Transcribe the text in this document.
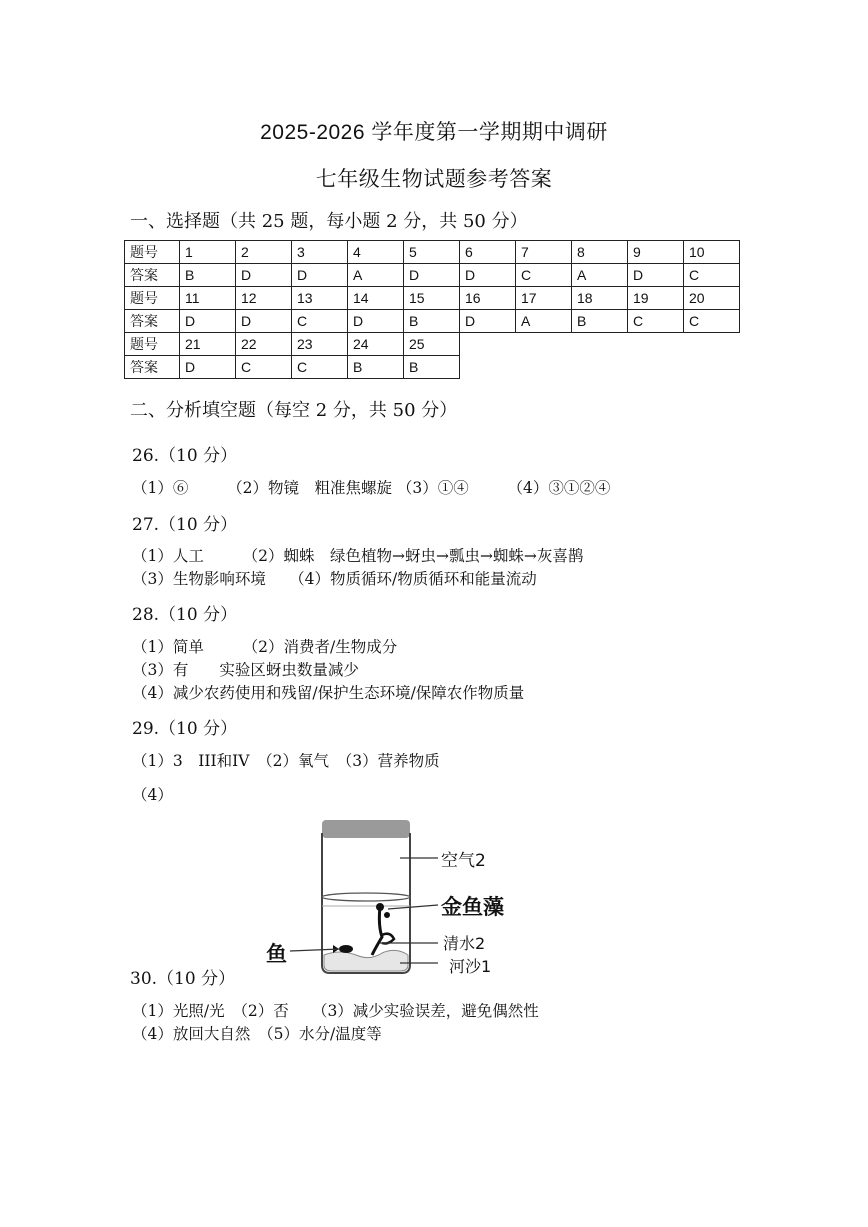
2025-2026 学年度第一学期期中调研
七年级生物试题参考答案
一、选择题（共 25 题，每小题 2 分，共 50 分）
题号	1	2	3	4	5	6	7	8	9	10
答案	B	D	D	A	D	D	C	A	D	C
题号	11	12	13	14	15	16	17	18	19	20
答案	D	D	C	D	B	D	A	B	C	C
题号	21	22	23	24	25					
答案	D	C	C	B	B					
二、分析填空题（每空 2 分，共 50 分）
26.（10 分）
（1）⑥　　　（2）物镜　粗准焦螺旋 （3）①④　　　（4）③①②④
27.（10 分）
（1）人工　　　（2）蜘蛛　绿色植物→蚜虫→瓢虫→蜘蛛→灰喜鹊
（3）生物影响环境　　（4）物质循环/物质循环和能量流动
28.（10 分）
（1）简单　　　（2）消费者/生物成分
（3）有　　实验区蚜虫数量减少
（4）减少农药使用和残留/保护生态环境/保障农作物质量
29.（10 分）
（1）3　III和IV　（2）氧气　（3）营养物质
（4）
空气2
金鱼藻
清水2
鱼
河沙1
30.（10 分）
（1）光照/光　（2）否　　（3）减少实验误差，避免偶然性
（4）放回大自然　（5）水分/温度等
